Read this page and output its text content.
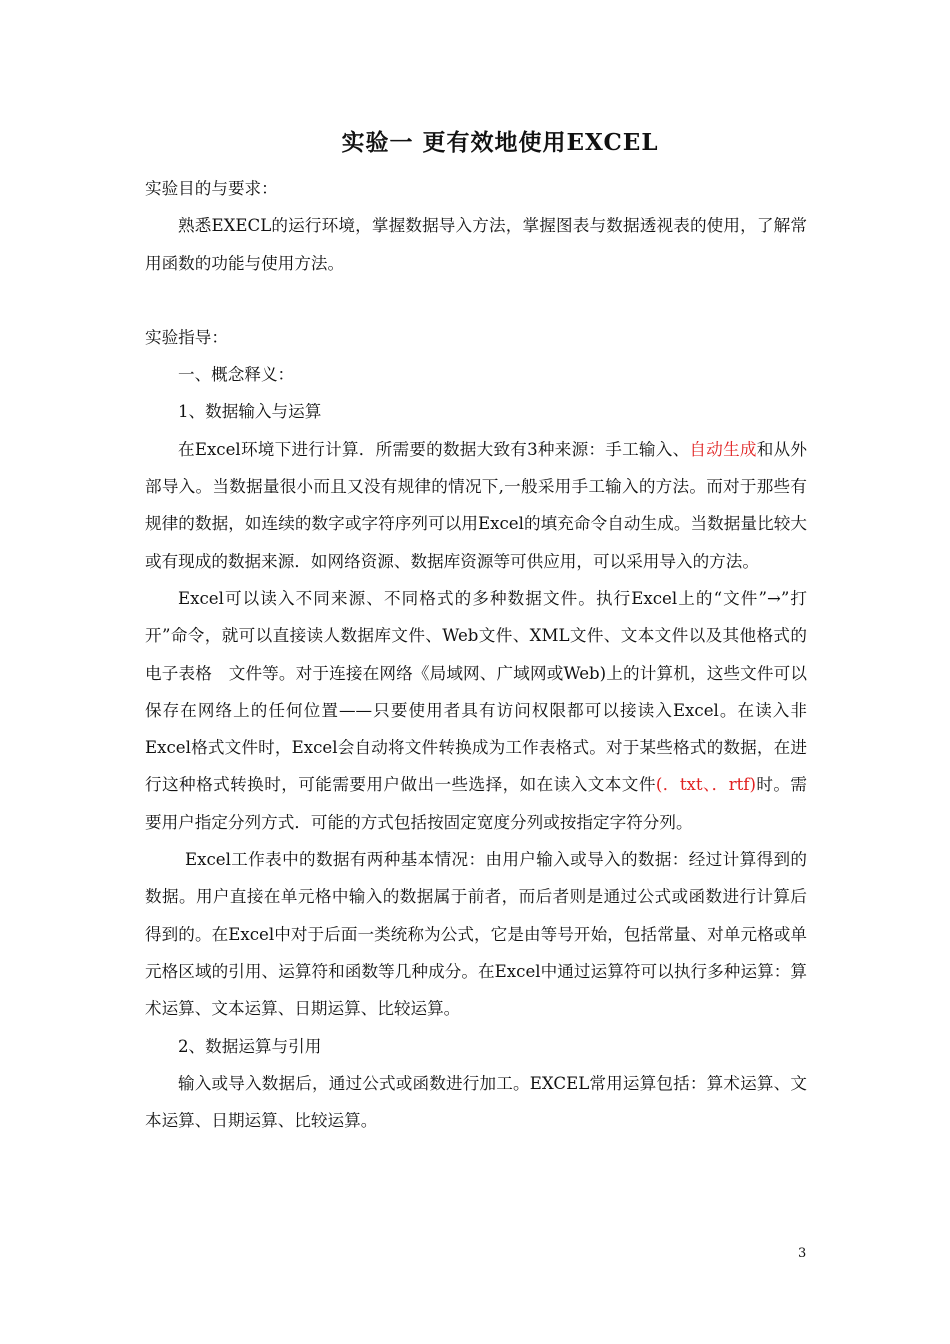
实验一 更有效地使用EXCEL

实验目的与要求：

熟悉EXECL的运行环境，掌握数据导入方法，掌握图表与数据透视表的使用，了解常用函数的功能与使用方法。

实验指导：

一、概念释义：

1、数据输入与运算

在Excel环境下进行计算．所需要的数据大致有3种来源：手工输入、自动生成和从外部导入。当数据量很小而且又没有规律的情况下,一般采用手工输入的方法。而对于那些有规律的数据，如连续的数字或字符序列可以用Excel的填充命令自动生成。当数据量比较大或有现成的数据来源．如网络资源、数据库资源等可供应用，可以采用导入的方法。

Excel可以读入不同来源、不同格式的多种数据文件。执行Excel上的“文件”→”打开”命令，就可以直接读人数据库文件、Web文件、XML文件、文本文件以及其他格式的电子表格　文件等。对于连接在网络《局域网、广域网或Web)上的计算机，这些文件可以保存在网络上的任何位置——只要使用者具有访问权限都可以接读入Excel。在读入非Excel格式文件时，Excel会自动将文件转换成为工作表格式。对于某些格式的数据，在进行这种格式转换时，可能需要用户做出一些选择，如在读入文本文件(．txt、．rtf)时。需要用户指定分列方式．可能的方式包括按固定宽度分列或按指定字符分列。

Excel工作表中的数据有两种基本情况：由用户输入或导入的数据：经过计算得到的数据。用户直接在单元格中输入的数据属于前者，而后者则是通过公式或函数进行计算后得到的。在Excel中对于后面一类统称为公式，它是由等号开始，包括常量、对单元格或单元格区域的引用、运算符和函数等几种成分。在Excel中通过运算符可以执行多种运算：算术运算、文本运算、日期运算、比较运算。

2、数据运算与引用

输入或导入数据后，通过公式或函数进行加工。EXCEL常用运算包括：算术运算、文本运算、日期运算、比较运算。

3
